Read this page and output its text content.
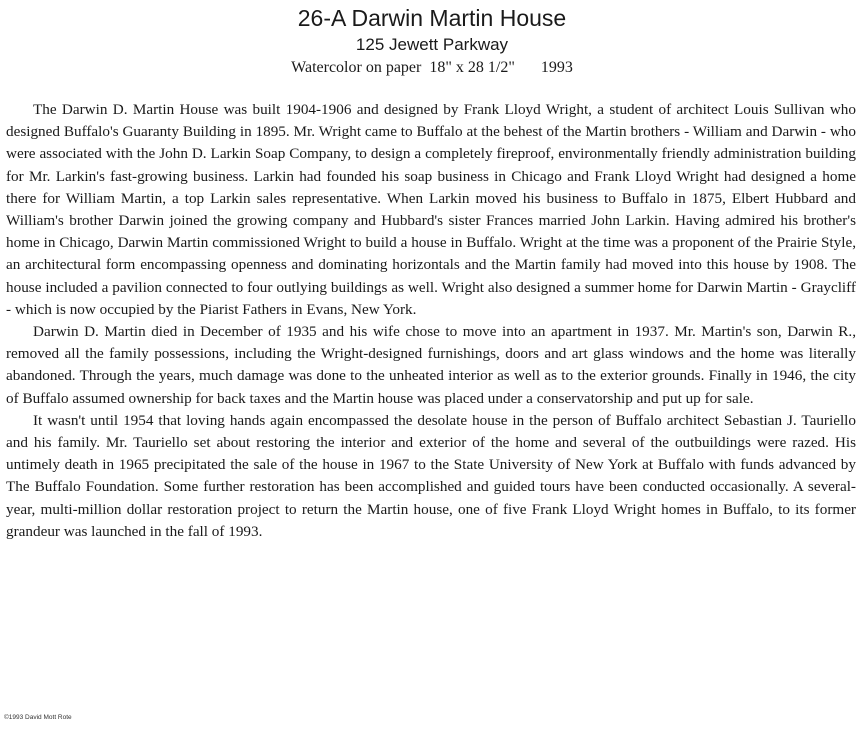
26-A Darwin Martin House
125 Jewett Parkway
Watercolor on paper 18" x 28 1/2" 1993

The Darwin D. Martin House was built 1904-1906 and designed by Frank Lloyd Wright, a student of architect Louis Sullivan who designed Buffalo's Guaranty Building in 1895. Mr. Wright came to Buffalo at the behest of the Martin brothers - William and Darwin - who were associated with the John D. Larkin Soap Company, to design a completely fireproof, environmentally friendly administration building for Mr. Larkin's fast-growing business. Larkin had founded his soap business in Chicago and Frank Lloyd Wright had designed a home there for William Martin, a top Larkin sales representative. When Larkin moved his business to Buffalo in 1875, Elbert Hubbard and William's brother Darwin joined the growing company and Hubbard's sister Frances married John Larkin. Having admired his brother's home in Chicago, Darwin Martin commissioned Wright to build a house in Buffalo. Wright at the time was a proponent of the Prairie Style, an architectural form encompassing openness and dominating horizontals and the Martin family had moved into this house by 1908. The house included a pavilion connected to four outlying buildings as well. Wright also designed a summer home for Darwin Martin - Graycliff - which is now occupied by the Piarist Fathers in Evans, New York.

Darwin D. Martin died in December of 1935 and his wife chose to move into an apartment in 1937. Mr. Martin's son, Darwin R., removed all the family possessions, including the Wright-designed furnishings, doors and art glass windows and the home was literally abandoned. Through the years, much damage was done to the unheated interior as well as to the exterior grounds. Finally in 1946, the city of Buffalo assumed ownership for back taxes and the Martin house was placed under a conservatorship and put up for sale.

It wasn't until 1954 that loving hands again encompassed the desolate house in the person of Buffalo architect Sebastian J. Tauriello and his family. Mr. Tauriello set about restoring the interior and exterior of the home and several of the outbuildings were razed. His untimely death in 1965 precipitated the sale of the house in 1967 to the State University of New York at Buffalo with funds advanced by The Buffalo Foundation. Some further restoration has been accomplished and guided tours have been conducted occasionally. A several-year, multi-million dollar restoration project to return the Martin house, one of five Frank Lloyd Wright homes in Buffalo, to its former grandeur was launched in the fall of 1993.

©1993 David Mott Rote
